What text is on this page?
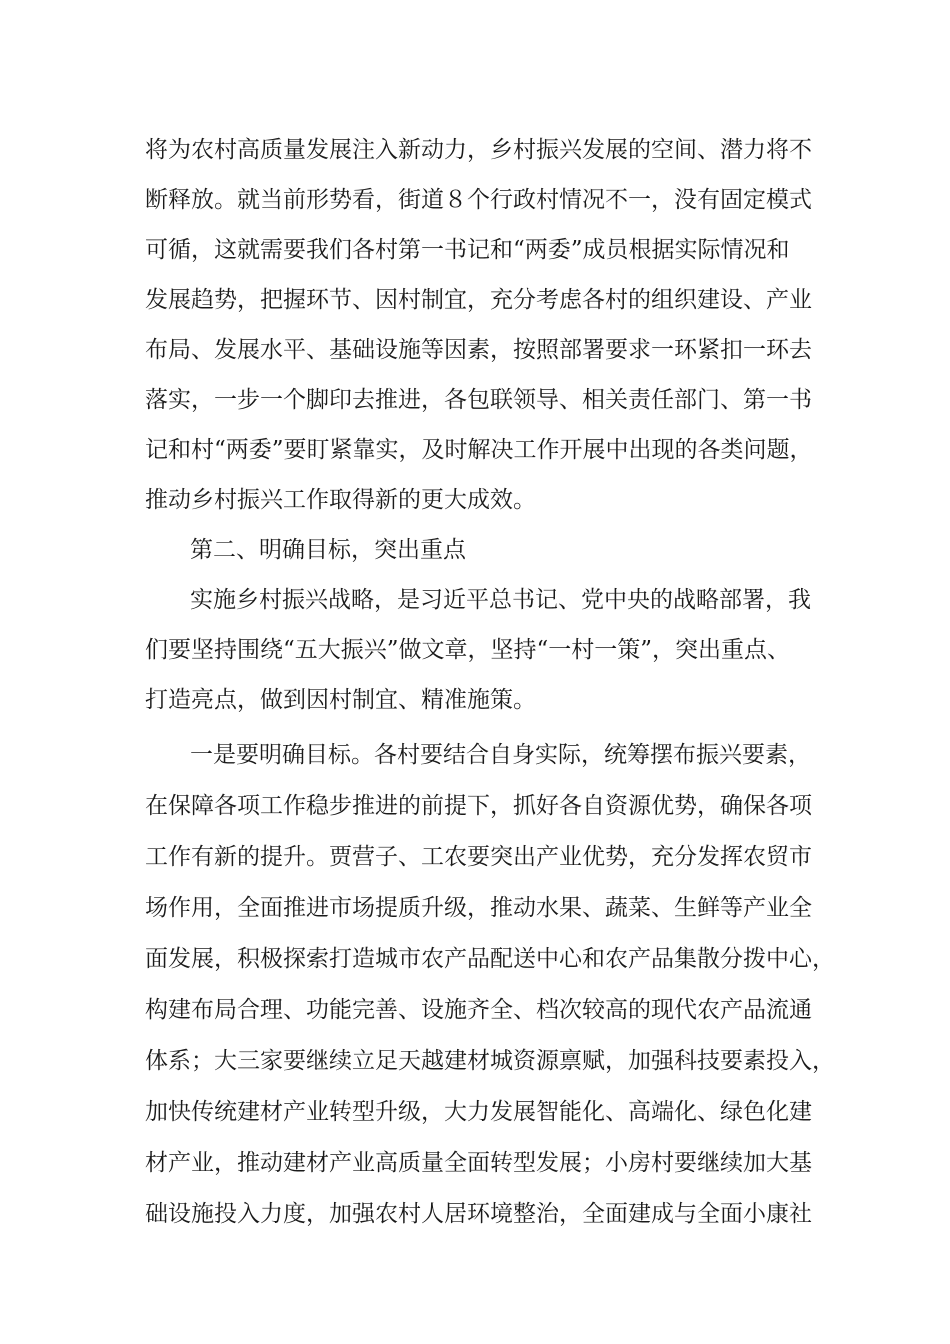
将为农村高质量发展注入新动力，乡村振兴发展的空间、潜力将不
断释放。就当前形势看，街道８个行政村情况不一，没有固定模式
可循，这就需要我们各村第一书记和“两委”成员根据实际情况和
发展趋势，把握环节、因村制宜，充分考虑各村的组织建设、产业
布局、发展水平、基础设施等因素，按照部署要求一环紧扣一环去
落实，一步一个脚印去推进，各包联领导、相关责任部门、第一书
记和村“两委”要盯紧靠实，及时解决工作开展中出现的各类问题，
推动乡村振兴工作取得新的更大成效。
第二、明确目标，突出重点
实施乡村振兴战略，是习近平总书记、党中央的战略部署，我
们要坚持围绕“五大振兴”做文章，坚持“一村一策”，突出重点、
打造亮点，做到因村制宜、精准施策。
一是要明确目标。各村要结合自身实际，统筹摆布振兴要素，
在保障各项工作稳步推进的前提下，抓好各自资源优势，确保各项
工作有新的提升。贾营子、工农要突出产业优势，充分发挥农贸市
场作用，全面推进市场提质升级，推动水果、蔬菜、生鲜等产业全
面发展，积极探索打造城市农产品配送中心和农产品集散分拨中心，
构建布局合理、功能完善、设施齐全、档次较高的现代农产品流通
体系；大三家要继续立足天越建材城资源禀赋，加强科技要素投入，
加快传统建材产业转型升级，大力发展智能化、高端化、绿色化建
材产业，推动建材产业高质量全面转型发展；小房村要继续加大基
础设施投入力度，加强农村人居环境整治，全面建成与全面小康社
